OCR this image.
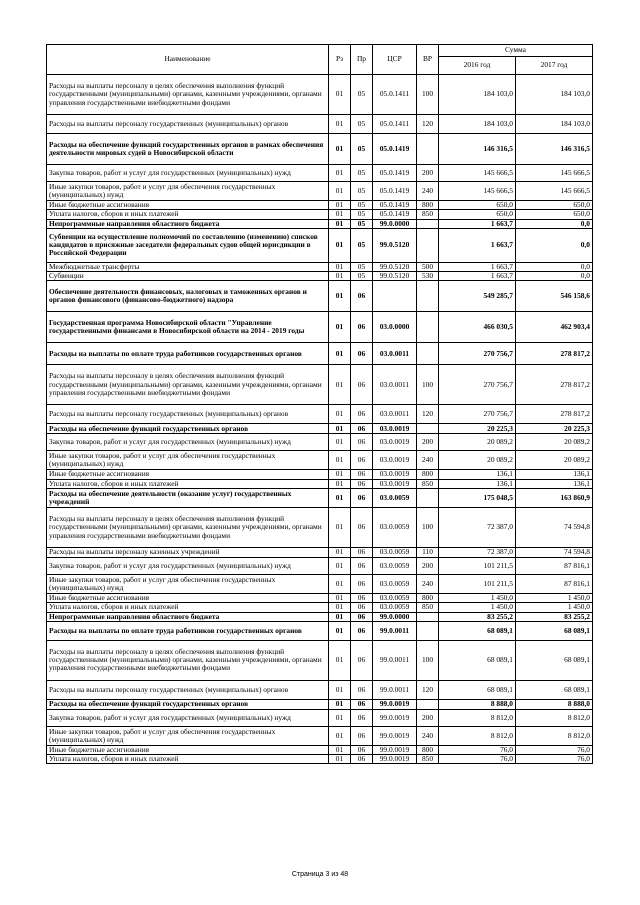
Наименование	Рз	Пр	ЦСР	ВР	Сумма	
					2016 год	2017 год
Расходы на выплаты персоналу в целях обеспечения выполнения функций государственными (муниципальными) органами, казенными учреждениями, органами управления государственными внебюджетными фондами	01	05	05.0.1411	100	184 103,0	184 103,0
Расходы на выплаты персоналу государственных (муниципальных) органов	01	05	05.0.1411	120	184 103,0	184 103,0
Расходы на обеспечение функций государственных органов в рамках обеспечения деятельности мировых судей в Новосибирской области	01	05	05.0.1419		146 316,5	146 316,5
Закупка товаров, работ и услуг для государственных (муниципальных) нужд	01	05	05.0.1419	200	145 666,5	145 666,5
Иные закупки товаров, работ и услуг для обеспечения государственных (муниципальных) нужд	01	05	05.0.1419	240	145 666,5	145 666,5
Иные бюджетные ассигнования	01	05	05.0.1419	800	650,0	650,0
Уплата налогов, сборов и иных платежей	01	05	05.0.1419	850	650,0	650,0
Непрограммные направления областного бюджета	01	05	99.0.0000		1 663,7	0,0
Субвенции на осуществление полномочий по составлению (изменению) списков кандидатов в присяжные заседатели федеральных судов общей юрисдикции в Российской Федерации	01	05	99.0.5120		1 663,7	0,0
Межбюджетные трансферты	01	05	99.0.5120	500	1 663,7	0,0
Субвенции	01	05	99.0.5120	530	1 663,7	0,0
Обеспечение деятельности финансовых, налоговых и таможенных органов и органов финансового (финансово-бюджетного) надзора	01	06			549 285,7	546 158,6
Государственная программа Новосибирской области "Управление государственными финансами в Новосибирской области на 2014 - 2019 годы	01	06	03.0.0000		466 030,5	462 903,4
Расходы на выплаты по оплате труда работников государственных органов	01	06	03.0.0011		270 756,7	278 817,2
Расходы на выплаты персоналу в целях обеспечения выполнения функций государственными (муниципальными) органами, казенными учреждениями, органами управления государственными внебюджетными фондами	01	06	03.0.0011	100	270 756,7	278 817,2
Расходы на выплаты персоналу государственных (муниципальных) органов	01	06	03.0.0011	120	270 756,7	278 817,2
Расходы на обеспечение функций государственных органов	01	06	03.0.0019		20 225,3	20 225,3
Закупка товаров, работ и услуг для государственных (муниципальных) нужд	01	06	03.0.0019	200	20 089,2	20 089,2
Иные закупки товаров, работ и услуг для обеспечения государственных (муниципальных) нужд	01	06	03.0.0019	240	20 089,2	20 089,2
Иные бюджетные ассигнования	01	06	03.0.0019	800	136,1	136,1
Уплата налогов, сборов и иных платежей	01	06	03.0.0019	850	136,1	136,1
Расходы на обеспечение деятельности (оказание услуг) государственных учреждений	01	06	03.0.0059		175 048,5	163 860,9
Расходы на выплаты персоналу в целях обеспечения выполнения функций государственными (муниципальными) органами, казенными учреждениями, органами управления государственными внебюджетными фондами	01	06	03.0.0059	100	72 387,0	74 594,8
Расходы на выплаты персоналу казенных учреждений	01	06	03.0.0059	110	72 387,0	74 594,8
Закупка товаров, работ и услуг для государственных (муниципальных) нужд	01	06	03.0.0059	200	101 211,5	87 816,1
Иные закупки товаров, работ и услуг для обеспечения государственных (муниципальных) нужд	01	06	03.0.0059	240	101 211,5	87 816,1
Иные бюджетные ассигнования	01	06	03.0.0059	800	1 450,0	1 450,0
Уплата налогов, сборов и иных платежей	01	06	03.0.0059	850	1 450,0	1 450,0
Непрограммные направления областного бюджета	01	06	99.0.0000		83 255,2	83 255,2
Расходы на выплаты по оплате труда работников государственных органов	01	06	99.0.0011		68 089,1	68 089,1
Расходы на выплаты персоналу в целях обеспечения выполнения функций государственными (муниципальными) органами, казенными учреждениями, органами управления государственными внебюджетными фондами	01	06	99.0.0011	100	68 089,1	68 089,1
Расходы на выплаты персоналу государственных (муниципальных) органов	01	06	99.0.0011	120	68 089,1	68 089,1
Расходы на обеспечение функций государственных органов	01	06	99.0.0019		8 888,0	8 888,0
Закупка товаров, работ и услуг для государственных (муниципальных) нужд	01	06	99.0.0019	200	8 812,0	8 812,0
Иные закупки товаров, работ и услуг для обеспечения государственных (муниципальных) нужд	01	06	99.0.0019	240	8 812,0	8 812,0
Иные бюджетные ассигнования	01	06	99.0.0019	800	76,0	76,0
Уплата налогов, сборов и иных платежей	01	06	99.0.0019	850	76,0	76,0
Страница 3 из 48
